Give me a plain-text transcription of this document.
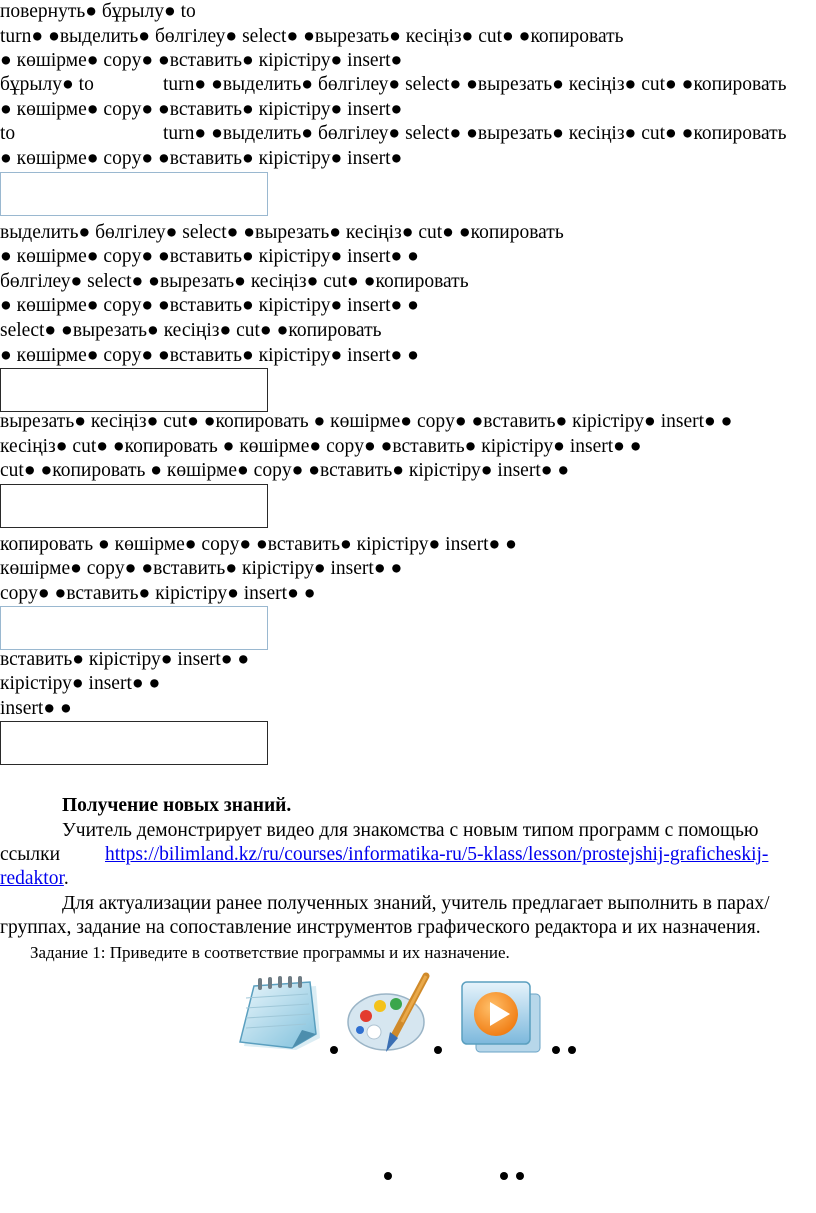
повернуть● бұрылу● to
turn● ●выделить● бөлгілеу● select● ●вырезать● кесіңіз● cut● ●копировать
● көшірме● copy● ●вставить● кірістіру● insert●
бұрылу● to	turn● ●выделить● бөлгілеу● select● ●вырезать● кесіңіз● cut● ●копировать
● көшірме● copy● ●вставить● кірістіру● insert●
to	turn● ●выделить● бөлгілеу● select● ●вырезать● кесіңіз● cut● ●копировать
● көшірме● copy● ●вставить● кірістіру● insert●
выделить● бөлгілеу● select● ●вырезать● кесіңіз● cut● ●копировать
● көшірме● copy● ●вставить● кірістіру● insert● ●
бөлгілеу● select● ●вырезать● кесіңіз● cut● ●копировать
● көшірме● copy● ●вставить● кірістіру● insert● ●
select● ●вырезать● кесіңіз● cut● ●копировать
● көшірме● copy● ●вставить● кірістіру● insert● ●
вырезать● кесіңіз● cut● ●копировать ● көшірме● copy● ●вставить● кірістіру● insert● ●
кесіңіз● cut● ●копировать ● көшірме● copy● ●вставить● кірістіру● insert● ●
cut● ●копировать ● көшірме● copy● ●вставить● кірістіру● insert● ●
копировать ● көшірме● copy● ●вставить● кірістіру● insert● ●
көшірме● copy● ●вставить● кірістіру● insert● ●
copy● ●вставить● кірістіру● insert● ●
вставить● кірістіру● insert● ●
кірістіру● insert● ●
insert● ●
Получение новых знаний.
Учитель демонстрирует видео для знакомства с новым типом программ с помощью
ссылки https://bilimland.kz/ru/courses/informatika-ru/5-klass/lesson/prostejshij-graficheskij-
redaktor.
Для актуализации ранее полученных знаний, учитель предлагает выполнить в парах/
группах, задание на сопоставление инструментов графического редактора и их назначения.
Задание 1: Приведите в соответствие программы и их назначение.
